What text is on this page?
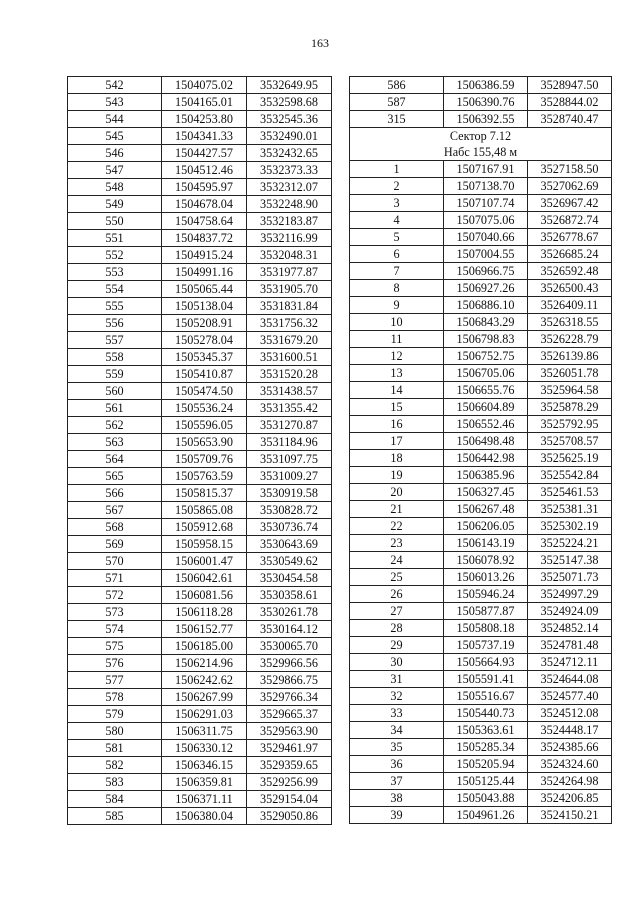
163
542	1504075.02	3532649.95
543	1504165.01	3532598.68
544	1504253.80	3532545.36
545	1504341.33	3532490.01
546	1504427.57	3532432.65
547	1504512.46	3532373.33
548	1504595.97	3532312.07
549	1504678.04	3532248.90
550	1504758.64	3532183.87
551	1504837.72	3532116.99
552	1504915.24	3532048.31
553	1504991.16	3531977.87
554	1505065.44	3531905.70
555	1505138.04	3531831.84
556	1505208.91	3531756.32
557	1505278.04	3531679.20
558	1505345.37	3531600.51
559	1505410.87	3531520.28
560	1505474.50	3531438.57
561	1505536.24	3531355.42
562	1505596.05	3531270.87
563	1505653.90	3531184.96
564	1505709.76	3531097.75
565	1505763.59	3531009.27
566	1505815.37	3530919.58
567	1505865.08	3530828.72
568	1505912.68	3530736.74
569	1505958.15	3530643.69
570	1506001.47	3530549.62
571	1506042.61	3530454.58
572	1506081.56	3530358.61
573	1506118.28	3530261.78
574	1506152.77	3530164.12
575	1506185.00	3530065.70
576	1506214.96	3529966.56
577	1506242.62	3529866.75
578	1506267.99	3529766.34
579	1506291.03	3529665.37
580	1506311.75	3529563.90
581	1506330.12	3529461.97
582	1506346.15	3529359.65
583	1506359.81	3529256.99
584	1506371.11	3529154.04
585	1506380.04	3529050.86
586	1506386.59	3528947.50
587	1506390.76	3528844.02
315	1506392.55	3528740.47
Сектор 7.12		
Набс 155,48 м		
1	1507167.91	3527158.50
2	1507138.70	3527062.69
3	1507107.74	3526967.42
4	1507075.06	3526872.74
5	1507040.66	3526778.67
6	1507004.55	3526685.24
7	1506966.75	3526592.48
8	1506927.26	3526500.43
9	1506886.10	3526409.11
10	1506843.29	3526318.55
11	1506798.83	3526228.79
12	1506752.75	3526139.86
13	1506705.06	3526051.78
14	1506655.76	3525964.58
15	1506604.89	3525878.29
16	1506552.46	3525792.95
17	1506498.48	3525708.57
18	1506442.98	3525625.19
19	1506385.96	3525542.84
20	1506327.45	3525461.53
21	1506267.48	3525381.31
22	1506206.05	3525302.19
23	1506143.19	3525224.21
24	1506078.92	3525147.38
25	1506013.26	3525071.73
26	1505946.24	3524997.29
27	1505877.87	3524924.09
28	1505808.18	3524852.14
29	1505737.19	3524781.48
30	1505664.93	3524712.11
31	1505591.41	3524644.08
32	1505516.67	3524577.40
33	1505440.73	3524512.08
34	1505363.61	3524448.17
35	1505285.34	3524385.66
36	1505205.94	3524324.60
37	1505125.44	3524264.98
38	1505043.88	3524206.85
39	1504961.26	3524150.21
